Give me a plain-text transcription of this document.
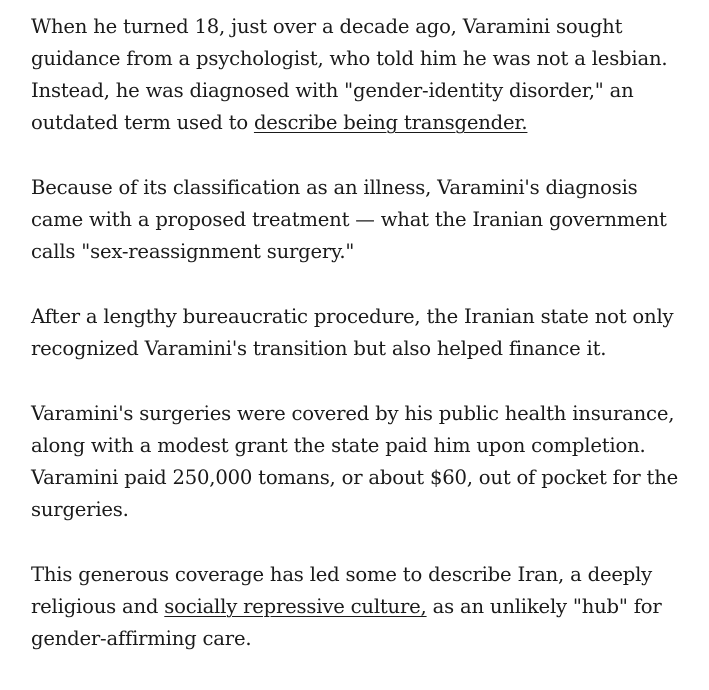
When he turned 18, just over a decade ago, Varamini sought guidance from a psychologist, who told him he was not a lesbian. Instead, he was diagnosed with "gender-identity disorder," an outdated term used to describe being transgender.

Because of its classification as an illness, Varamini's diagnosis came with a proposed treatment — what the Iranian government calls "sex-reassignment surgery."

After a lengthy bureaucratic procedure, the Iranian state not only recognized Varamini's transition but also helped finance it.

Varamini's surgeries were covered by his public health insurance, along with a modest grant the state paid him upon completion. Varamini paid 250,000 tomans, or about $60, out of pocket for the surgeries.

This generous coverage has led some to describe Iran, a deeply religious and socially repressive culture, as an unlikely "hub" for gender-affirming care.
